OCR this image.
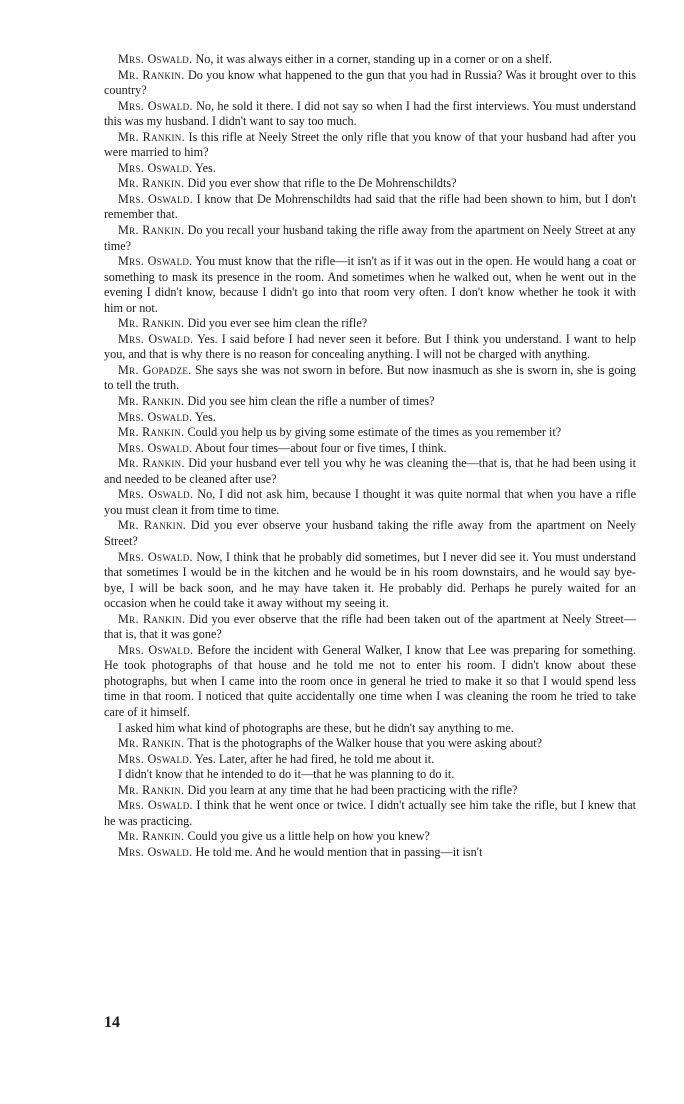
Mrs. Oswald. No, it was always either in a corner, standing up in a corner or on a shelf.

Mr. Rankin. Do you know what happened to the gun that you had in Russia? Was it brought over to this country?

Mrs. Oswald. No, he sold it there. I did not say so when I had the first interviews. You must understand this was my husband. I didn't want to say too much.

Mr. Rankin. Is this rifle at Neely Street the only rifle that you know of that your husband had after you were married to him?

Mrs. Oswald. Yes.

Mr. Rankin. Did you ever show that rifle to the De Mohrenschildts?

Mrs. Oswald. I know that De Mohrenschildts had said that the rifle had been shown to him, but I don't remember that.

Mr. Rankin. Do you recall your husband taking the rifle away from the apartment on Neely Street at any time?

Mrs. Oswald. You must know that the rifle—it isn't as if it was out in the open. He would hang a coat or something to mask its presence in the room. And sometimes when he walked out, when he went out in the evening I didn't know, because I didn't go into that room very often. I don't know whether he took it with him or not.

Mr. Rankin. Did you ever see him clean the rifle?

Mrs. Oswald. Yes. I said before I had never seen it before. But I think you understand. I want to help you, and that is why there is no reason for concealing anything. I will not be charged with anything.

Mr. Gopadze. She says she was not sworn in before. But now inasmuch as she is sworn in, she is going to tell the truth.

Mr. Rankin. Did you see him clean the rifle a number of times?

Mrs. Oswald. Yes.

Mr. Rankin. Could you help us by giving some estimate of the times as you remember it?

Mrs. Oswald. About four times—about four or five times, I think.

Mr. Rankin. Did your husband ever tell you why he was cleaning the—that is, that he had been using it and needed to be cleaned after use?

Mrs. Oswald. No, I did not ask him, because I thought it was quite normal that when you have a rifle you must clean it from time to time.

Mr. Rankin. Did you ever observe your husband taking the rifle away from the apartment on Neely Street?

Mrs. Oswald. Now, I think that he probably did sometimes, but I never did see it. You must understand that sometimes I would be in the kitchen and he would be in his room downstairs, and he would say bye-bye, I will be back soon, and he may have taken it. He probably did. Perhaps he purely waited for an occasion when he could take it away without my seeing it.

Mr. Rankin. Did you ever observe that the rifle had been taken out of the apartment at Neely Street—that is, that it was gone?

Mrs. Oswald. Before the incident with General Walker, I know that Lee was preparing for something. He took photographs of that house and he told me not to enter his room. I didn't know about these photographs, but when I came into the room once in general he tried to make it so that I would spend less time in that room. I noticed that quite accidentally one time when I was cleaning the room he tried to take care of it himself.

I asked him what kind of photographs are these, but he didn't say anything to me.

Mr. Rankin. That is the photographs of the Walker house that you were asking about?

Mrs. Oswald. Yes. Later, after he had fired, he told me about it.

I didn't know that he intended to do it—that he was planning to do it.

Mr. Rankin. Did you learn at any time that he had been practicing with the rifle?

Mrs. Oswald. I think that he went once or twice. I didn't actually see him take the rifle, but I knew that he was practicing.

Mr. Rankin. Could you give us a little help on how you knew?

Mrs. Oswald. He told me. And he would mention that in passing—it isn't

14
